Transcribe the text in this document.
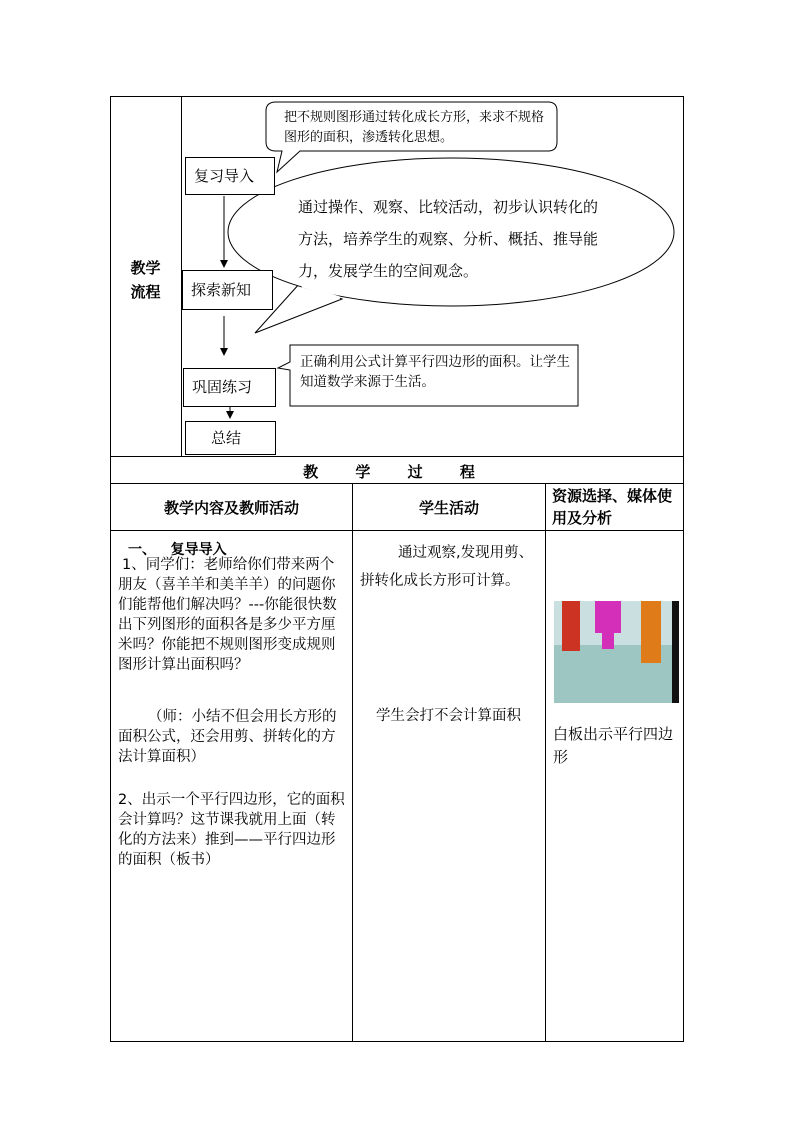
教学
流程
把不规则图形通过转化成长方形，来求不规格图形的面积，渗透转化思想。
通过操作、观察、比较活动，初步认识转化的方法，培养学生的观察、分析、概括、推导能力，发展学生的空间观念。
正确利用公式计算平行四边形的面积。让学生知道数学来源于生活。
复习导入
探索新知
巩固练习
总结
教 学 过 程
教学内容及教师活动	学生活动
资源选择、媒体使用及分析
一、   复导导入
1、同学们：老师给你们带来两个朋友（喜羊羊和美羊羊）的问题你们能帮他们解决吗？---你能很快数出下列图形的面积各是多少平方厘米吗？你能把不规则图形变成规则图形计算出面积吗？
（师：小结不但会用长方形的面积公式，还会用剪、拼转化的方法计算面积）
2、出示一个平行四边形，它的面积会计算吗？这节课我就用上面（转化的方法来）推到——平行四边形的面积（板书）
通过观察,发现用剪、拼转化成长方形可计算。
学生会打不会计算面积
白板出示平行四边形
